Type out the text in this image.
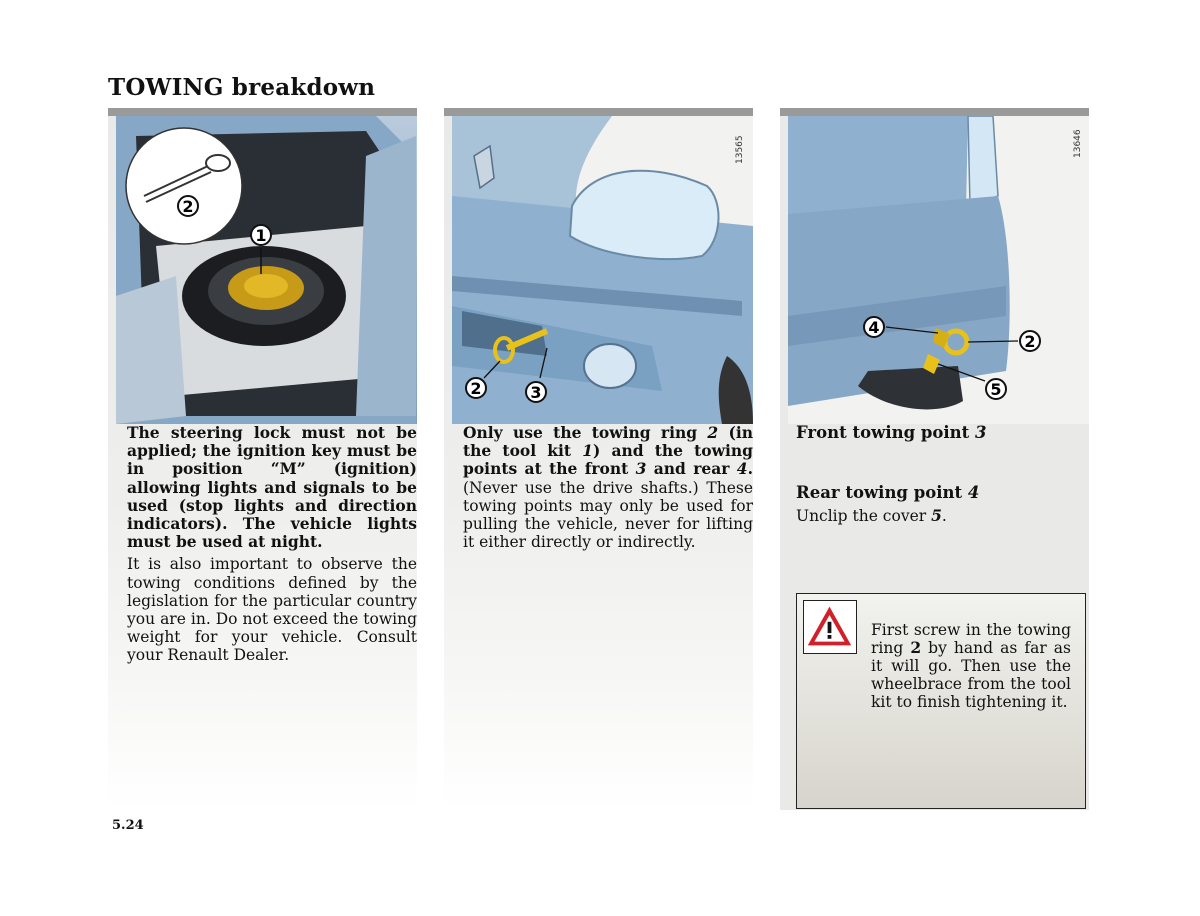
TOWING breakdown
2
1

The steering lock must not be applied; the ignition key must be in position “M” (ignition) allowing lights and signals to be used (stop lights and direction indicators). The vehicle lights must be used at night.

It is also important to observe the towing conditions defined by the legislation for the particular country you are in. Do not exceed the towing weight for your vehicle. Consult your Renault Dealer.

2	3
13565

Only use the towing ring 2 (in the tool kit 1) and the towing points at the front 3 and rear 4. (Never use the drive shafts.) These towing points may only be used for pulling the vehicle, never for lifting it either directly or indirectly.

4
2
5
13646

Front towing point 3

Rear towing point 4

Unclip the cover 5.

First screw in the towing ring 2 by hand as far as it will go. Then use the wheelbrace from the tool kit to finish tightening it.

5.24
